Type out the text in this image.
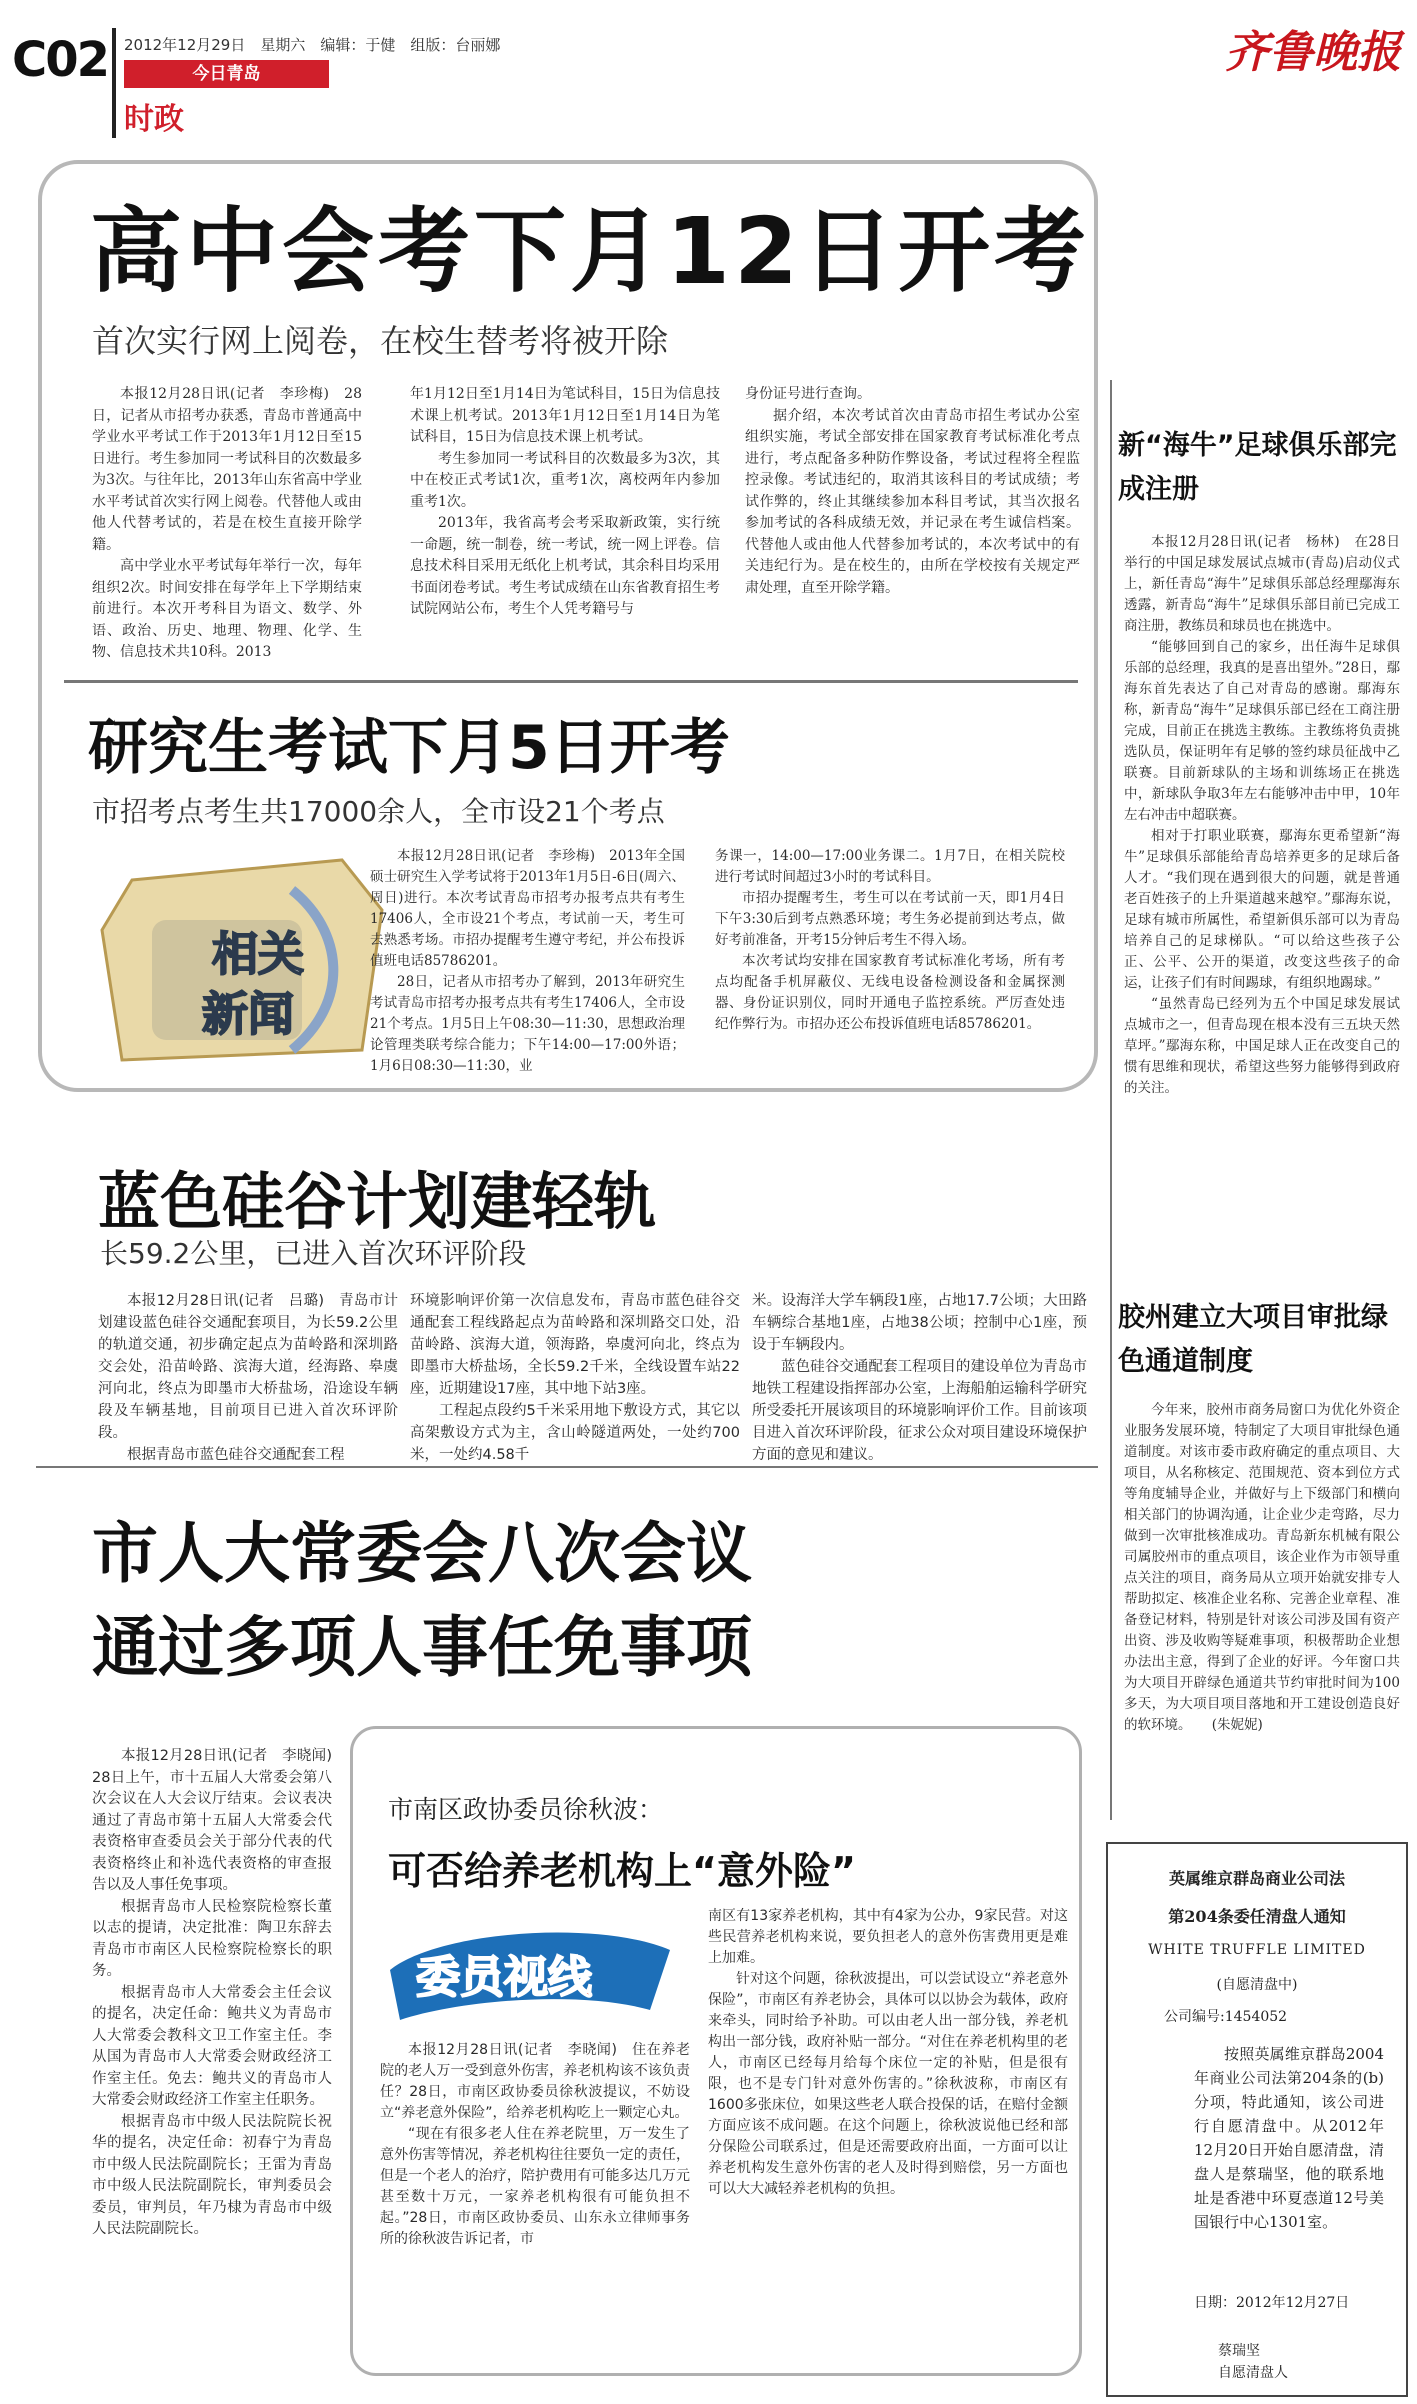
C02 2012年12月29日　星期六　编辑：于健　组版：台丽娜
今日青岛
时政
齐鲁晚报
高中会考下月12日开考
首次实行网上阅卷，在校生替考将被开除

本报12月28日讯(记者　李珍梅)　28日，记者从市招考办获悉，青岛市普通高中学业水平考试工作于2013年1月12日至15日进行。考生参加同一考试科目的次数最多为3次。与往年比，2013年山东省高中学业水平考试首次实行网上阅卷。代替他人或由他人代替考试的，若是在校生直接开除学籍。

高中学业水平考试每年举行一次，每年组织2次。时间安排在每学年上下学期结束前进行。本次开考科目为语文、数学、外语、政治、历史、地理、物理、化学、生物、信息技术共10科。2013

年1月12日至1月14日为笔试科目，15日为信息技术课上机考试。2013年1月12日至1月14日为笔试科目，15日为信息技术课上机考试。

考生参加同一考试科目的次数最多为3次，其中在校正式考试1次，重考1次，离校两年内参加重考1次。

2013年，我省高考会考采取新政策，实行统一命题，统一制卷，统一考试，统一网上评卷。信息技术科目采用无纸化上机考试，其余科目均采用书面闭卷考试。考生考试成绩在山东省教育招生考试院网站公布，考生个人凭考籍号与

身份证号进行查询。

据介绍，本次考试首次由青岛市招生考试办公室组织实施，考试全部安排在国家教育考试标准化考点进行，考点配备多种防作弊设备，考试过程将全程监控录像。考试违纪的，取消其该科目的考试成绩；考试作弊的，终止其继续参加本科目考试，其当次报名参加考试的各科成绩无效，并记录在考生诚信档案。代替他人或由他人代替参加考试的，本次考试中的有关违纪行为。是在校生的，由所在学校按有关规定严肃处理，直至开除学籍。

研究生考试下月5日开考
市招考点考生共17000余人，全市设21个考点
相关
新闻

本报12月28日讯(记者　李珍梅)　2013年全国硕士研究生入学考试将于2013年1月5日-6日(周六、周日)进行。本次考试青岛市招考办报考点共有考生17406人，全市设21个考点，考试前一天，考生可去熟悉考场。市招办提醒考生遵守考纪，并公布投诉值班电话85786201。

28日，记者从市招考办了解到，2013年研究生考试青岛市招考办报考点共有考生17406人，全市设21个考点。1月5日上午08:30—11:30，思想政治理论管理类联考综合能力；下午14:00—17:00外语；1月6日08:30—11:30，业

务课一，14:00—17:00业务课二。1月7日，在相关院校进行考试时间超过3小时的考试科目。

市招办提醒考生，考生可以在考试前一天，即1月4日下午3:30后到考点熟悉环境；考生务必提前到达考点，做好考前准备，开考15分钟后考生不得入场。

本次考试均安排在国家教育考试标准化考场，所有考点均配备手机屏蔽仪、无线电设备检测设备和金属探测器、身份证识别仪，同时开通电子监控系统。严厉查处违纪作弊行为。市招办还公布投诉值班电话85786201。

蓝色硅谷计划建轻轨
长59.2公里，已进入首次环评阶段

本报12月28日讯(记者　吕璐)　青岛市计划建设蓝色硅谷交通配套项目，为长59.2公里的轨道交通，初步确定起点为苗岭路和深圳路交会处，沿苗岭路、滨海大道，经海路、皋虞河向北，终点为即墨市大桥盐场，沿途设车辆段及车辆基地，目前项目已进入首次环评阶段。

根据青岛市蓝色硅谷交通配套工程

环境影响评价第一次信息发布，青岛市蓝色硅谷交通配套工程线路起点为苗岭路和深圳路交口处，沿苗岭路、滨海大道，领海路，皋虞河向北，终点为即墨市大桥盐场，全长59.2千米，全线设置车站22座，近期建设17座，其中地下站3座。

工程起点段约5千米采用地下敷设方式，其它以高架敷设方式为主，含山岭隧道两处，一处约700米，一处约4.58千

米。设海洋大学车辆段1座，占地17.7公顷；大田路车辆综合基地1座，占地38公顷；控制中心1座，预设于车辆段内。

蓝色硅谷交通配套工程项目的建设单位为青岛市地铁工程建设指挥部办公室，上海船舶运输科学研究所受委托开展该项目的环境影响评价工作。目前该项目进入首次环评阶段，征求公众对项目建设环境保护方面的意见和建议。

市人大常委会八次会议
通过多项人事任免事项

本报12月28日讯(记者　李晓闻)　28日上午，市十五届人大常委会第八次会议在人大会议厅结束。会议表决通过了青岛市第十五届人大常委会代表资格审查委员会关于部分代表的代表资格终止和补选代表资格的审查报告以及人事任免事项。

根据青岛市人民检察院检察长董以志的提请，决定批准：陶卫东辞去青岛市市南区人民检察院检察长的职务。

根据青岛市人大常委会主任会议的提名，决定任命：鲍共义为青岛市人大常委会教科文卫工作室主任。李从国为青岛市人大常委会财政经济工作室主任。免去：鲍共义的青岛市人大常委会财政经济工作室主任职务。

根据青岛市中级人民法院院长祝华的提名，决定任命：初春宁为青岛市中级人民法院副院长；王雷为青岛市中级人民法院副院长，审判委员会委员，审判员，年乃棣为青岛市中级人民法院副院长。

市南区政协委员徐秋波：
可否给养老机构上“意外险”
委员视线

本报12月28日讯(记者　李晓闻)　住在养老院的老人万一受到意外伤害，养老机构该不该负责任？28日，市南区政协委员徐秋波提议，不妨设立“养老意外保险”，给养老机构吃上一颗定心丸。

“现在有很多老人住在养老院里，万一发生了意外伤害等情况，养老机构往往要负一定的责任，但是一个老人的治疗，陪护费用有可能多达几万元甚至数十万元，一家养老机构很有可能负担不起。”28日，市南区政协委员、山东永立律师事务所的徐秋波告诉记者，市

南区有13家养老机构，其中有4家为公办，9家民营。对这些民营养老机构来说，要负担老人的意外伤害费用更是难上加难。

针对这个问题，徐秋波提出，可以尝试设立“养老意外保险”，市南区有养老协会，具体可以以协会为载体，政府来牵头，同时给予补助。可以由老人出一部分钱，养老机构出一部分钱，政府补贴一部分。“对住在养老机构里的老人，市南区已经每月给每个床位一定的补贴，但是很有限，也不是专门针对意外伤害的。”徐秋波称，市南区有1600多张床位，如果这些老人联合投保的话，在赔付金额方面应该不成问题。在这个问题上，徐秋波说他已经和部分保险公司联系过，但是还需要政府出面，一方面可以让养老机构发生意外伤害的老人及时得到赔偿，另一方面也可以大大减轻养老机构的负担。

新“海牛”足球俱乐部完成注册

本报12月28日讯(记者　杨林)　在28日举行的中国足球发展试点城市(青岛)启动仪式上，新任青岛“海牛”足球俱乐部总经理鄢海东透露，新青岛“海牛”足球俱乐部目前已完成工商注册，教练员和球员也在挑选中。

“能够回到自己的家乡，出任海牛足球俱乐部的总经理，我真的是喜出望外。”28日，鄢海东首先表达了自己对青岛的感谢。鄢海东称，新青岛“海牛”足球俱乐部已经在工商注册完成，目前正在挑选主教练。主教练将负责挑选队员，保证明年有足够的签约球员征战中乙联赛。目前新球队的主场和训练场正在挑选中，新球队争取3年左右能够冲击中甲，10年左右冲击中超联赛。

相对于打职业联赛，鄢海东更希望新“海牛”足球俱乐部能给青岛培养更多的足球后备人才。“我们现在遇到很大的问题，就是普通老百姓孩子的上升渠道越来越窄。”鄢海东说，足球有城市所属性，希望新俱乐部可以为青岛培养自己的足球梯队。“可以给这些孩子公正、公平、公开的渠道，改变这些孩子的命运，让孩子们有时间踢球，有组织地踢球。”

“虽然青岛已经列为五个中国足球发展试点城市之一，但青岛现在根本没有三五块天然草坪。”鄢海东称，中国足球人正在改变自己的惯有思维和现状，希望这些努力能够得到政府的关注。

胶州建立大项目审批绿色通道制度

今年来，胶州市商务局窗口为优化外资企业服务发展环境，特制定了大项目审批绿色通道制度。对该市委市政府确定的重点项目、大项目，从名称核定、范围规范、资本到位方式等角度辅导企业，并做好与上下级部门和横向相关部门的协调沟通，让企业少走弯路，尽力做到一次审批核准成功。青岛新东机械有限公司属胶州市的重点项目，该企业作为市领导重点关注的项目，商务局从立项开始就安排专人帮助拟定、核准企业名称、完善企业章程、准备登记材料，特别是针对该公司涉及国有资产出资、涉及收购等疑难事项，积极帮助企业想办法出主意，得到了企业的好评。今年窗口共为大项目开辟绿色通道共节约审批时间为100多天，为大项目项目落地和开工建设创造良好的软环境。　　(朱妮妮)

英属维京群岛商业公司法
第204条委任清盘人通知
WHITE TRUFFLE LIMITED
(自愿清盘中)
公司编号:1454052
按照英属维京群岛2004年商业公司法第204条的(b)分项，特此通知，该公司进行自愿清盘中。从2012年12月20日开始自愿清盘，清盘人是蔡瑞坚，他的联系地址是香港中环夏悫道12号美国银行中心1301室。
日期：2012年12月27日
蔡瑞坚
自愿清盘人
